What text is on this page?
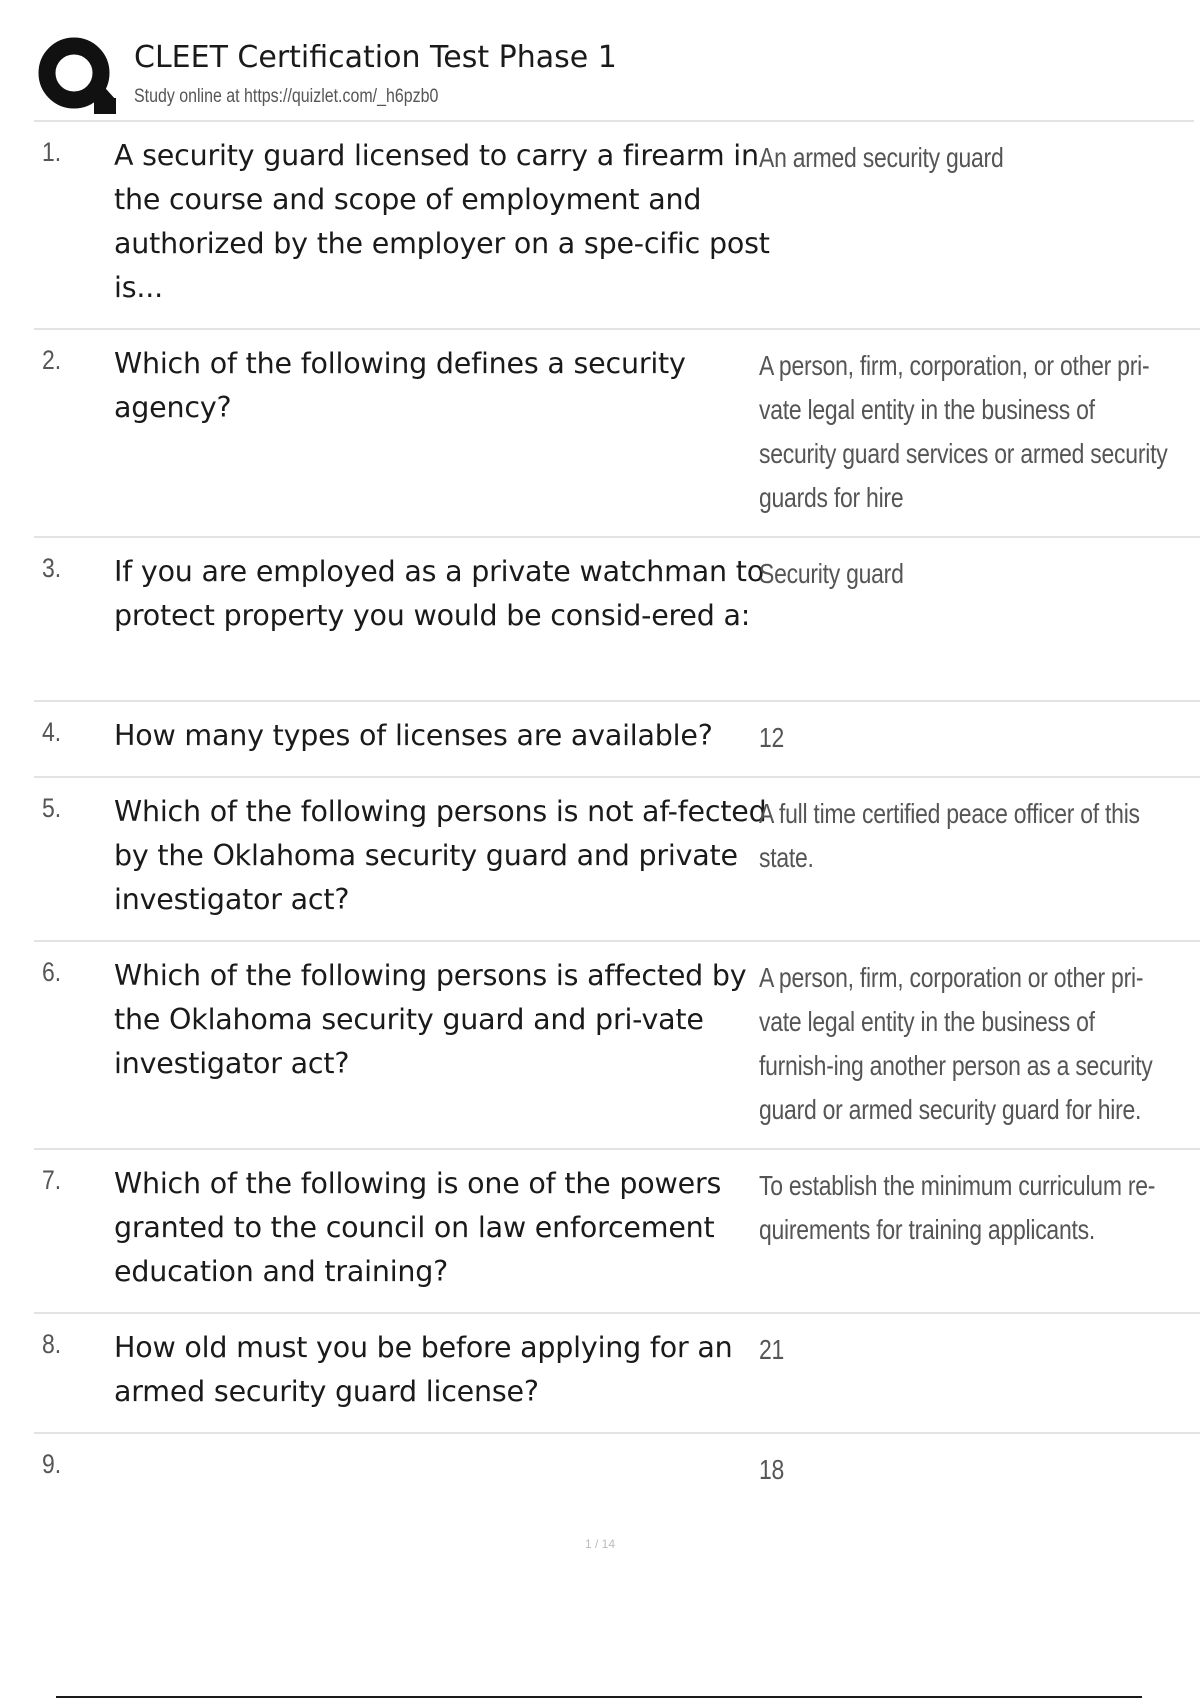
CLEET Certification Test Phase 1
Study online at https://quizlet.com/_h6pzb0
1. A security guard licensed to carry a firearm in the course and scope of employment and authorized by the employer on a spe-cific post is...
An armed security guard
2. Which of the following defines a security agency?
A person, firm, corporation, or other pri-vate legal entity in the business of security guard services or armed security guards for hire
3. If you are employed as a private watchman to protect property you would be consid-ered a:
Security guard
4. How many types of licenses are available?	12
5. Which of the following persons is not af-fected by the Oklahoma security guard and private investigator act?
A full time certified peace officer of this state.
6. Which of the following persons is affected by the Oklahoma security guard and pri-vate investigator act?
A person, firm, corporation or other pri-vate legal entity in the business of furnish-ing another person as a security guard or armed security guard for hire.
7. Which of the following is one of the powers granted to the council on law enforcement education and training?
To establish the minimum curriculum re-quirements for training applicants.
8. How old must you be before applying for an armed security guard license?
21
9.	18
1 / 14
